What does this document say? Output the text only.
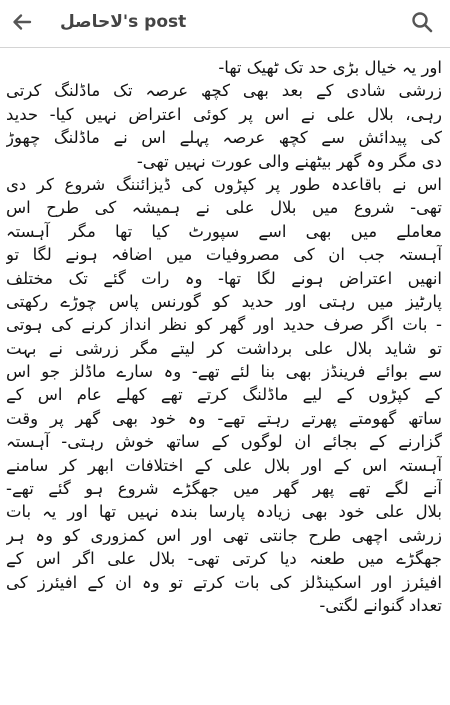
لاحاصل's post
اور یہ خیال بڑی حد تک ٹھیک تھا-
زرشی شادی کے بعد بھی کچھ عرصہ تک ماڈلنگ کرتی
رہی، بلال علی نے اس پر کوئی اعتراض نہیں کیا- حدید
کی پیدائش سے کچھ عرصہ پہلے اس نے ماڈلنگ چھوڑ
دی مگر وہ گھر بیٹھنے والی عورت نہیں تھی-
اس نے باقاعدہ طور پر کپڑوں کی ڈیزائننگ شروع کر دی
تھی- شروع میں بلال علی نے ہمیشہ کی طرح اس
معاملے میں بھی اسے سپورٹ کیا تھا مگر آہستہ
آہستہ جب ان کی مصروفیات میں اضافہ ہونے لگا تو
انھیں اعتراض ہونے لگا تھا- وہ رات گئے تک مختلف
پارٹیز میں رہتی اور حدید کو گورنس پاس چوڑے رکھتی
- بات اگر صرف حدید اور گھر کو نظر انداز کرنے کی ہوتی
تو شاید بلال علی برداشت کر لیتے مگر زرشی نے بہت
سے بوائے فرینڈز بھی بنا لئے تھے- وہ سارے ماڈلز جو اس
کے کپڑوں کے لیے ماڈلنگ کرتے تھے کھلے عام اس کے
ساتھ گھومتے پھرتے رہتے تھے- وہ خود بھی گھر پر وقت
گزارنے کے بجائے ان لوگوں کے ساتھ خوش رہتی- آہستہ
آہستہ اس کے اور بلال علی کے اختلافات ابھر کر سامنے
آنے لگے تھے پھر گھر میں جھگڑے شروع ہو گئے تھے-
بلال علی خود بھی زیادہ پارسا بندہ نہیں تھا اور یہ بات
زرشی اچھی طرح جانتی تھی اور اس کمزوری کو وہ ہر
جھگڑے میں طعنہ دیا کرتی تھی- بلال علی اگر اس کے
افیئرز اور اسکینڈلز کی بات کرتے تو وہ ان کے افیئرز کی
تعداد گنوانے لگتی-
